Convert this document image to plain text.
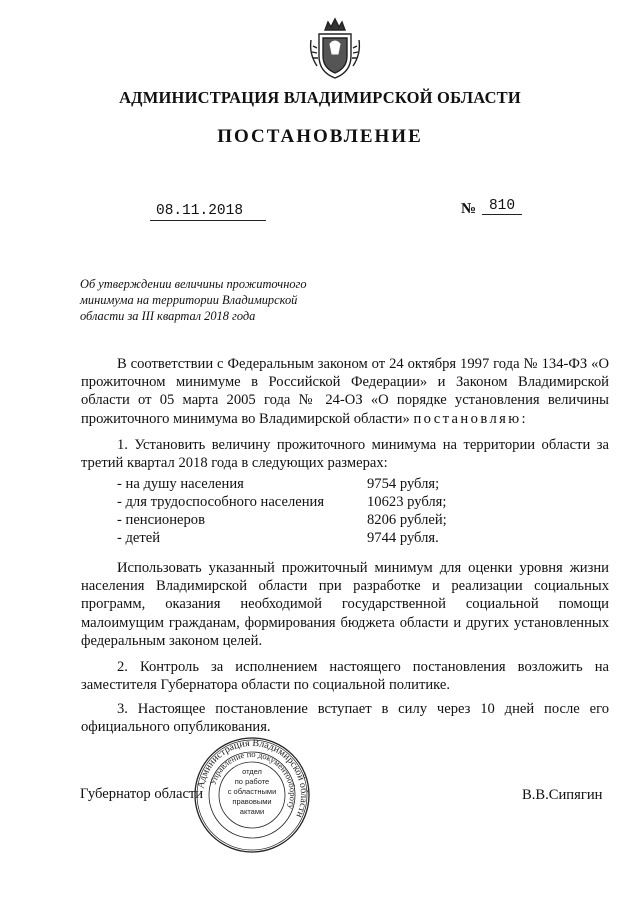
АДМИНИСТРАЦИЯ ВЛАДИМИРСКОЙ ОБЛАСТИ
ПОСТАНОВЛЕНИЕ
08.11.2018	№ 810
Об утверждении величины прожиточного минимума на территории Владимирской области за III квартал 2018 года
В соответствии с Федеральным законом от 24 октября 1997 года № 134-ФЗ «О прожиточном минимуме в Российской Федерации» и Законом Владимирской области от 05 марта 2005 года № 24-ОЗ «О порядке установления величины прожиточного минимума во Владимирской области» постановляю:
1. Установить величину прожиточного минимума на территории области за третий квартал 2018 года в следующих размерах:
- на душу населения	9754 рубля;
- для трудоспособного населения	10623 рубля;
- пенсионеров	8206 рублей;
- детей	9744 рубля.
Использовать указанный прожиточный минимум для оценки уровня жизни населения Владимирской области при разработке и реализации социальных программ, оказания необходимой государственной социальной помощи малоимущим гражданам, формирования бюджета области и других установленных федеральным законом целей.
2. Контроль за исполнением настоящего постановления возложить на заместителя Губернатора области по социальной политике.
3. Настоящее постановление вступает в силу через 10 дней после его официального опубликования.
Губернатор области	В.В.Сипягин
Администрация Владимирской области
Управление по документообороту
отдел
по работе
с областными
правовыми
актами
